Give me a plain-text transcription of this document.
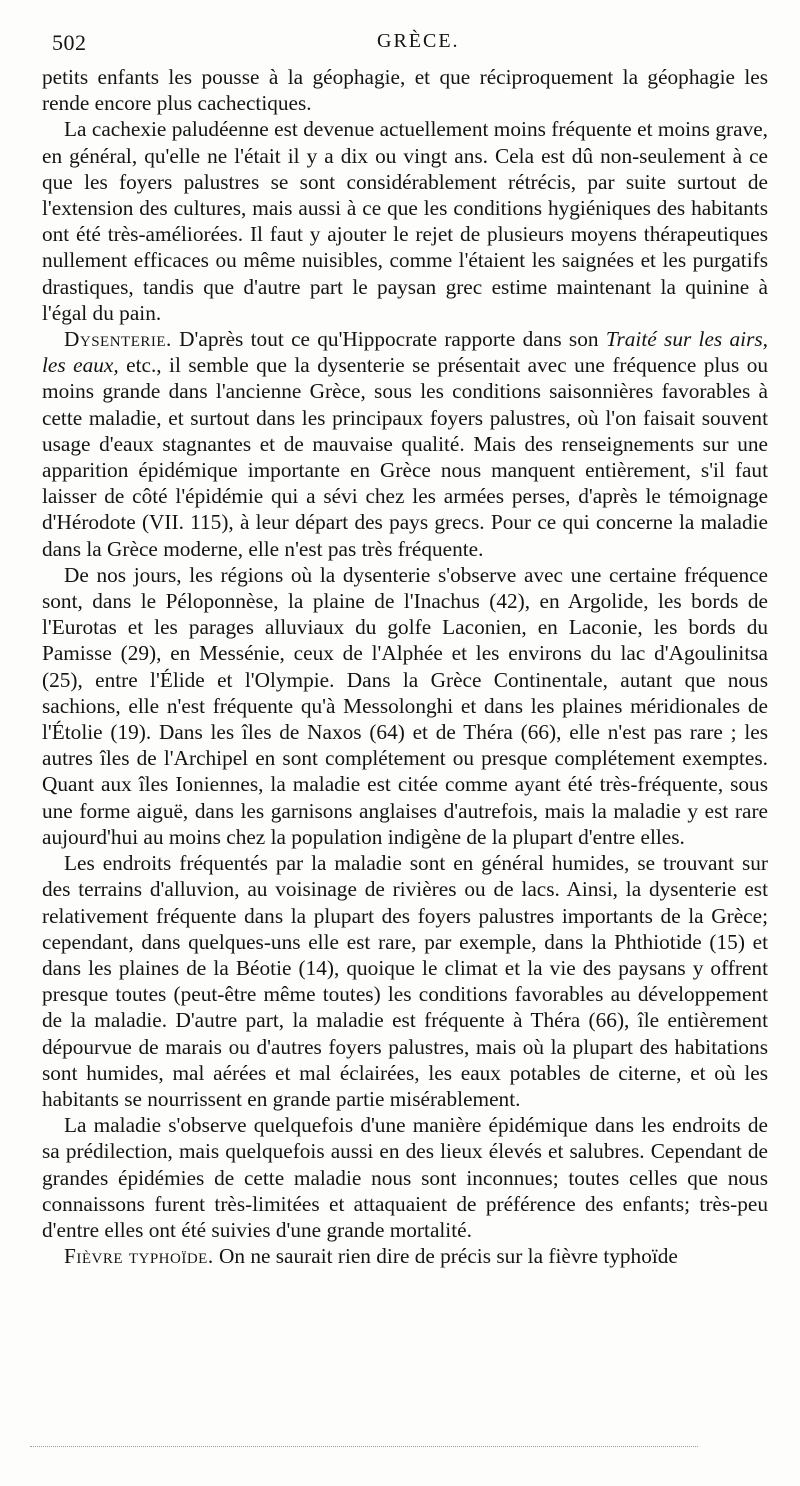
502	GRÈCE.

petits enfants les pousse à la géophagie, et que réciproquement la géophagie les rende encore plus cachectiques.

La cachexie paludéenne est devenue actuellement moins fréquente et moins grave, en général, qu'elle ne l'était il y a dix ou vingt ans. Cela est dû non-seulement à ce que les foyers palustres se sont considérablement rétrécis, par suite surtout de l'extension des cultures, mais aussi à ce que les conditions hygiéniques des habitants ont été très-améliorées. Il faut y ajouter le rejet de plusieurs moyens thérapeutiques nullement efficaces ou même nuisibles, comme l'étaient les saignées et les purgatifs drastiques, tandis que d'autre part le paysan grec estime maintenant la quinine à l'égal du pain.

Dysenterie. D'après tout ce qu'Hippocrate rapporte dans son Traité sur les airs, les eaux, etc., il semble que la dysenterie se présentait avec une fréquence plus ou moins grande dans l'ancienne Grèce, sous les conditions saisonnières favorables à cette maladie, et surtout dans les principaux foyers palustres, où l'on faisait souvent usage d'eaux stagnantes et de mauvaise qualité. Mais des renseignements sur une apparition épidémique importante en Grèce nous manquent entièrement, s'il faut laisser de côté l'épidémie qui a sévi chez les armées perses, d'après le témoignage d'Hérodote (VII. 115), à leur départ des pays grecs. Pour ce qui concerne la maladie dans la Grèce moderne, elle n'est pas très fréquente.

De nos jours, les régions où la dysenterie s'observe avec une certaine fréquence sont, dans le Péloponnèse, la plaine de l'Inachus (42), en Argolide, les bords de l'Eurotas et les parages alluviaux du golfe Laconien, en Laconie, les bords du Pamisse (29), en Messénie, ceux de l'Alphée et les environs du lac d'Agoulinitsa (25), entre l'Élide et l'Olympie. Dans la Grèce Continentale, autant que nous sachions, elle n'est fréquente qu'à Messolonghi et dans les plaines méridionales de l'Étolie (19). Dans les îles de Naxos (64) et de Théra (66), elle n'est pas rare ; les autres îles de l'Archipel en sont complétement ou presque complétement exemptes. Quant aux îles Ioniennes, la maladie est citée comme ayant été très-fréquente, sous une forme aiguë, dans les garnisons anglaises d'autrefois, mais la maladie y est rare aujourd'hui au moins chez la population indigène de la plupart d'entre elles.

Les endroits fréquentés par la maladie sont en général humides, se trouvant sur des terrains d'alluvion, au voisinage de rivières ou de lacs. Ainsi, la dysenterie est relativement fréquente dans la plupart des foyers palustres importants de la Grèce; cependant, dans quelques-uns elle est rare, par exemple, dans la Phthiotide (15) et dans les plaines de la Béotie (14), quoique le climat et la vie des paysans y offrent presque toutes (peut-être même toutes) les conditions favorables au développement de la maladie. D'autre part, la maladie est fréquente à Théra (66), île entièrement dépourvue de marais ou d'autres foyers palustres, mais où la plupart des habitations sont humides, mal aérées et mal éclairées, les eaux potables de citerne, et où les habitants se nourrissent en grande partie misérablement.

La maladie s'observe quelquefois d'une manière épidémique dans les endroits de sa prédilection, mais quelquefois aussi en des lieux élevés et salubres. Cependant de grandes épidémies de cette maladie nous sont inconnues; toutes celles que nous connaissons furent très-limitées et attaquaient de préférence des enfants; très-peu d'entre elles ont été suivies d'une grande mortalité.

Fièvre typhoïde. On ne saurait rien dire de précis sur la fièvre typhoïde
